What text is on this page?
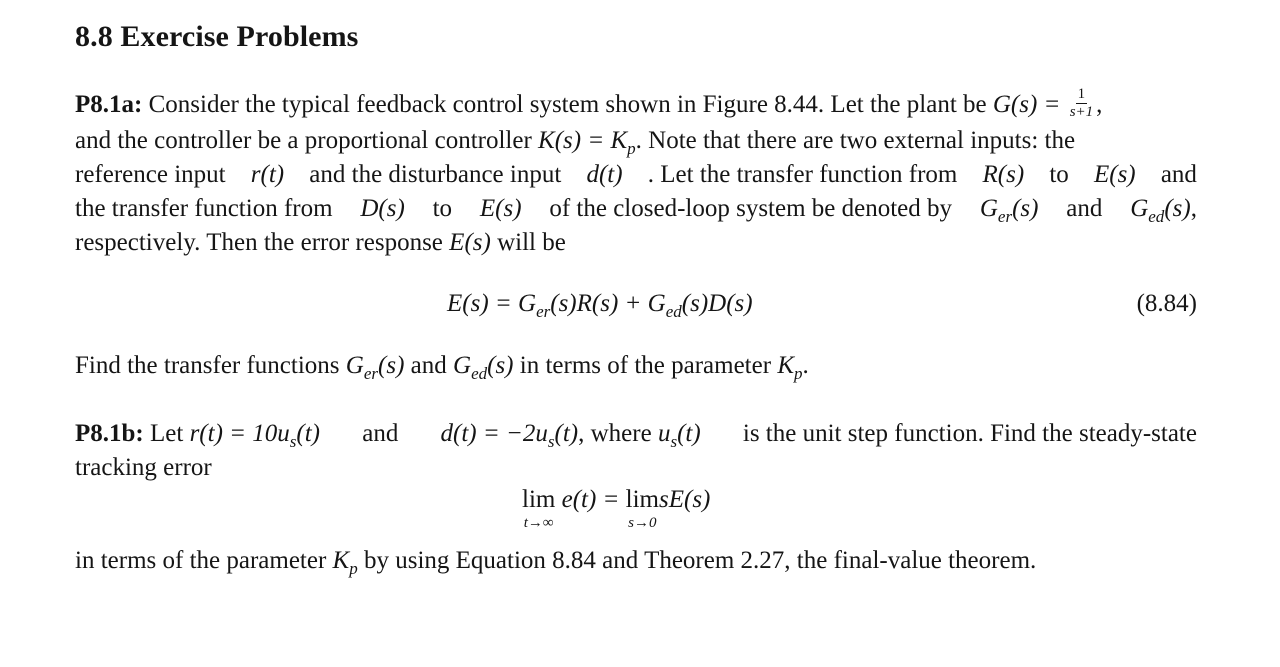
8.8 Exercise Problems
P8.1a: Consider the typical feedback control system shown in Figure 8.44. Let the plant be $G(s) = \frac{1}{s+1}$ ,
and the controller be a proportional controller $K(s) = K_p$. Note that there are two external inputs: the
reference input r(t) and the disturbance input d(t) . Let the transfer function from R(s) to E(s) and
the transfer function from D(s) to E(s) of the closed-loop system be denoted by $G_{er}(s)$ and $G_{ed}(s)$,
respectively. Then the error response E(s) will be
$E(s) = G_{er}(s)R(s) + G_{ed}(s)D(s)$	(8.84)
Find the transfer functions $G_{er}(s)$ and $G_{ed}(s)$ in terms of the parameter $K_p$.
P8.1b: Let $r(t) = 10u_s(t)$ and $d(t) = -2u_s(t)$, where $u_s(t)$ is the unit step function. Find the steady-state
tracking error
lim
t→∞
e(t) = lim
s→0
sE(s)
in terms of the parameter $K_p$ by using Equation 8.84 and Theorem 2.27, the final-value theorem.
